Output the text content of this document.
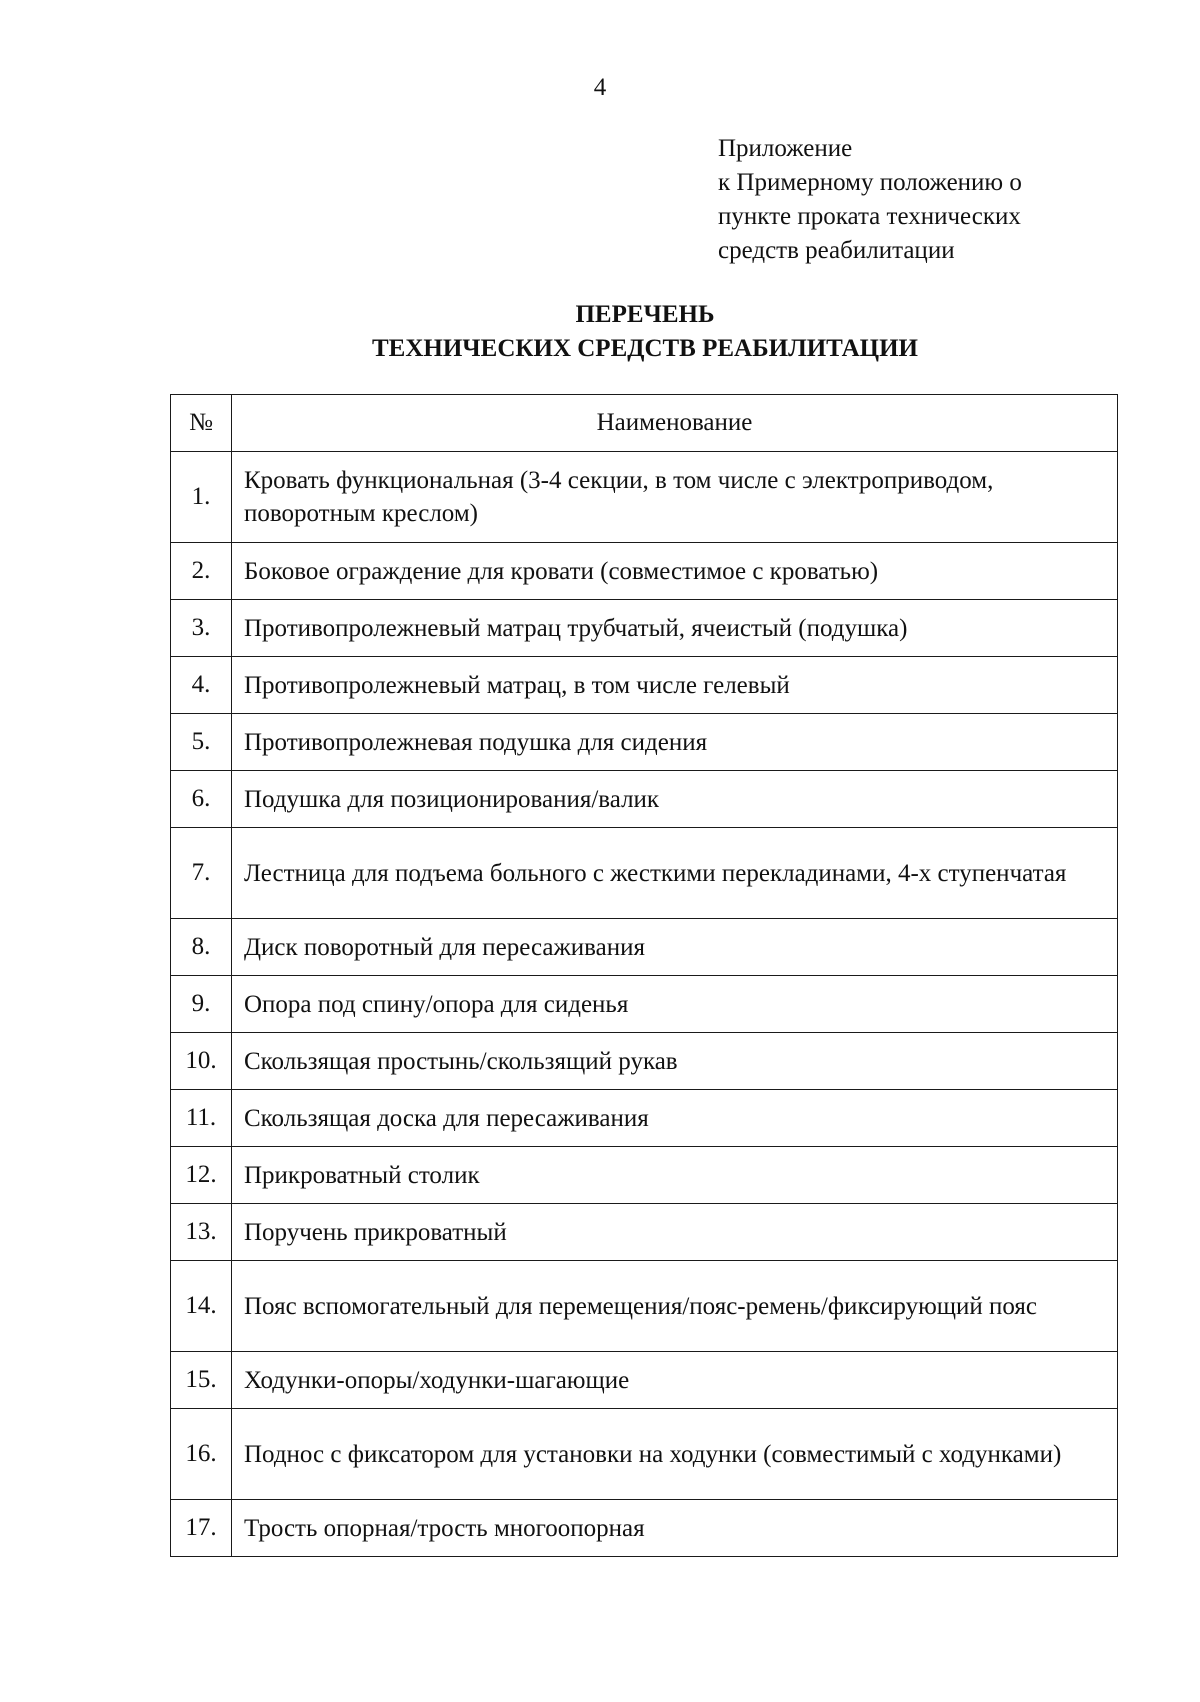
4
Приложение
к Примерному положению о
пункте проката технических
средств реабилитации
ПЕРЕЧЕНЬ
ТЕХНИЧЕСКИХ СРЕДСТВ РЕАБИЛИТАЦИИ
№	Наименование
1.	Кровать функциональная (3-4 секции, в том числе с электроприводом, поворотным креслом)
2.	Боковое ограждение для кровати (совместимое с кроватью)
3.	Противопролежневый матрац трубчатый, ячеистый (подушка)
4.	Противопролежневый матрац, в том числе гелевый
5.	Противопролежневая подушка для сидения
6.	Подушка для позиционирования/валик
7.	Лестница для подъема больного с жесткими перекладинами, 4-х ступенчатая
8.	Диск поворотный для пересаживания
9.	Опора под спину/опора для сиденья
10.	Скользящая простынь/скользящий рукав
11.	Скользящая доска для пересаживания
12.	Прикроватный столик
13.	Поручень прикроватный
14.	Пояс вспомогательный для перемещения/пояс-ремень/фиксирующий пояс
15.	Ходунки-опоры/ходунки-шагающие
16.	Поднос с фиксатором для установки на ходунки (совместимый с ходунками)
17.	Трость опорная/трость многоопорная
